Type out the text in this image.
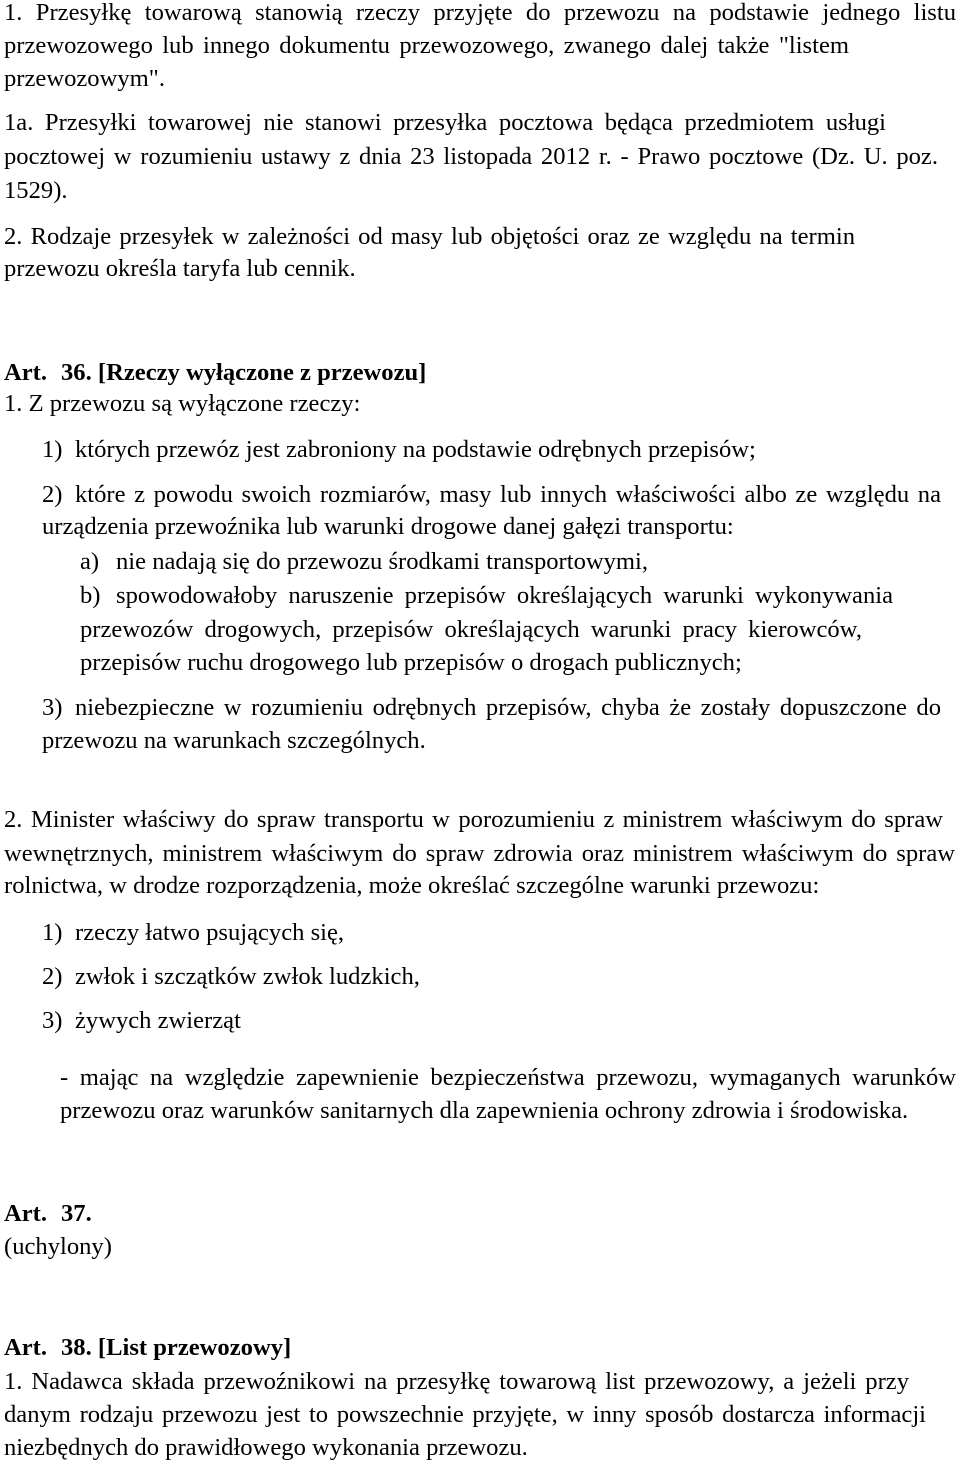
1. Przesyłkę towarową stanowią rzeczy przyjęte do przewozu na podstawie jednego listu
przewozowego lub innego dokumentu przewozowego, zwanego dalej także "listem
przewozowym".
1a. Przesyłki towarowej nie stanowi przesyłka pocztowa będąca przedmiotem usługi
pocztowej w rozumieniu ustawy z dnia 23 listopada 2012 r. - Prawo pocztowe (Dz. U. poz.
1529).
2. Rodzaje przesyłek w zależności od masy lub objętości oraz ze względu na termin
przewozu określa taryfa lub cennik.
Art. 36. [Rzeczy wyłączone z przewozu]
1. Z przewozu są wyłączone rzeczy:
1) których przewóz jest zabroniony na podstawie odrębnych przepisów;
2) które z powodu swoich rozmiarów, masy lub innych właściwości albo ze względu na
urządzenia przewoźnika lub warunki drogowe danej gałęzi transportu:
a) nie nadają się do przewozu środkami transportowymi,
b) spowodowałoby naruszenie przepisów określających warunki wykonywania
przewozów drogowych, przepisów określających warunki pracy kierowców,
przepisów ruchu drogowego lub przepisów o drogach publicznych;
3) niebezpieczne w rozumieniu odrębnych przepisów, chyba że zostały dopuszczone do
przewozu na warunkach szczególnych.
2. Minister właściwy do spraw transportu w porozumieniu z ministrem właściwym do spraw
wewnętrznych, ministrem właściwym do spraw zdrowia oraz ministrem właściwym do spraw
rolnictwa, w drodze rozporządzenia, może określać szczególne warunki przewozu:
1) rzeczy łatwo psujących się,
2) zwłok i szczątków zwłok ludzkich,
3) żywych zwierząt
- mając na względzie zapewnienie bezpieczeństwa przewozu, wymaganych warunków
przewozu oraz warunków sanitarnych dla zapewnienia ochrony zdrowia i środowiska.
Art. 37.
(uchylony)
Art. 38. [List przewozowy]
1. Nadawca składa przewoźnikowi na przesyłkę towarową list przewozowy, a jeżeli przy
danym rodzaju przewozu jest to powszechnie przyjęte, w inny sposób dostarcza informacji
niezbędnych do prawidłowego wykonania przewozu.
